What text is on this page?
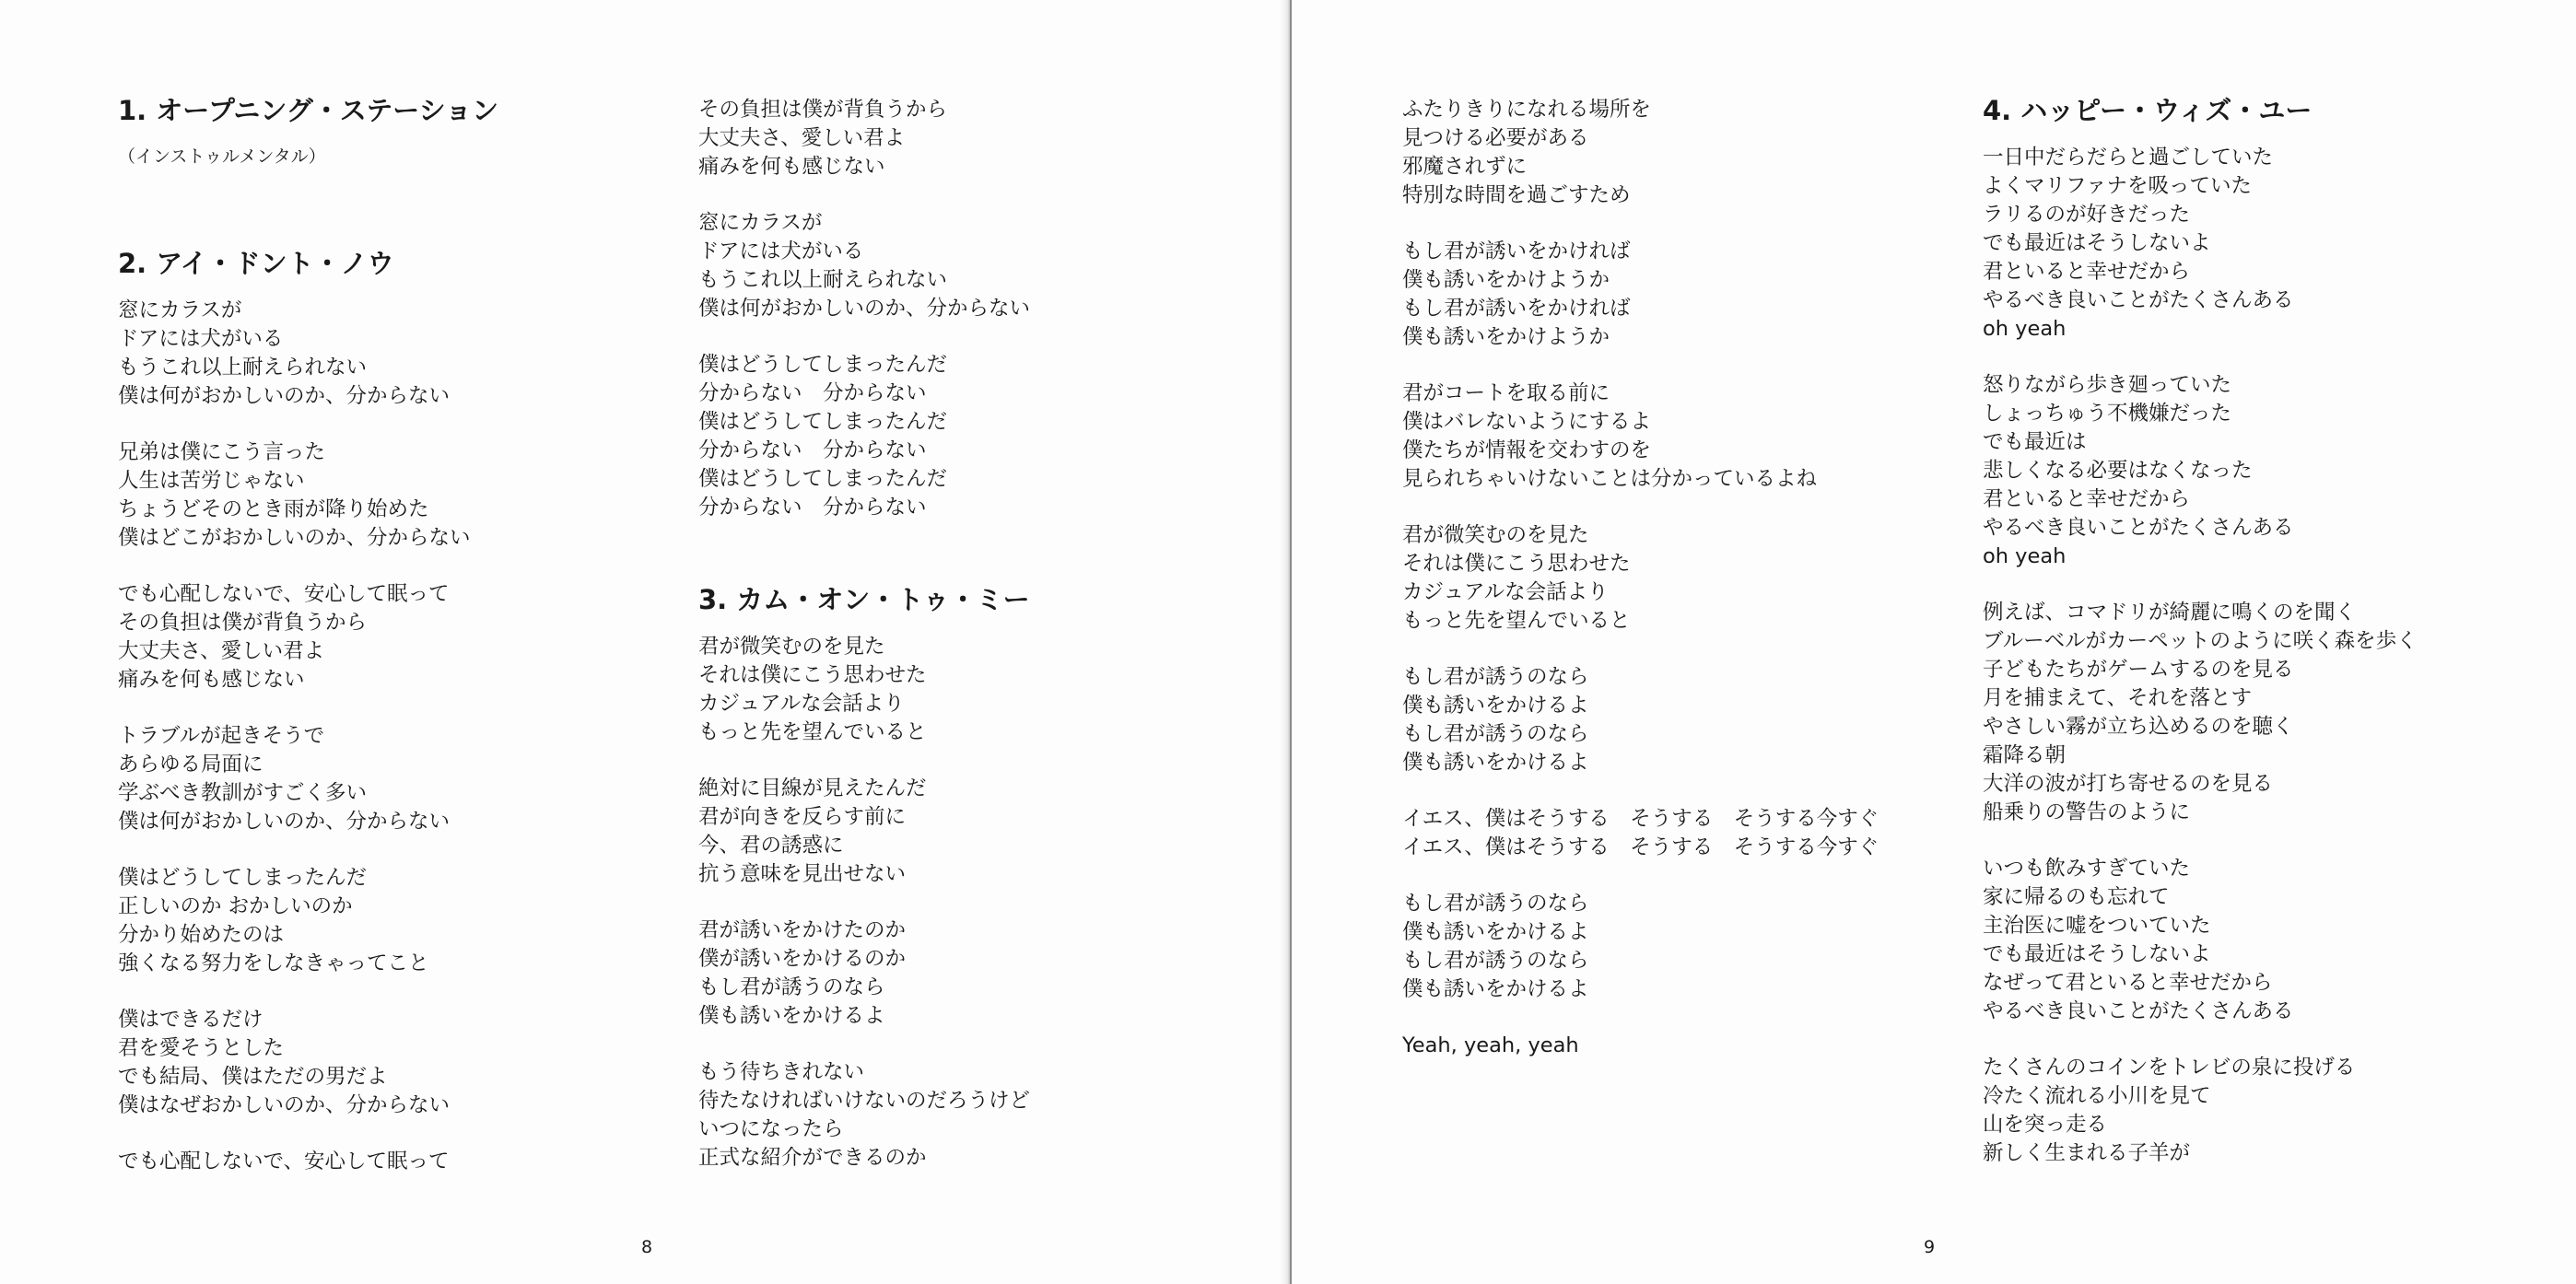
1. オープニング・ステーション
（インストゥルメンタル）
2. アイ・ドント・ノウ
窓にカラスが
ドアには犬がいる
もうこれ以上耐えられない
僕は何がおかしいのか、分からない
兄弟は僕にこう言った
人生は苦労じゃない
ちょうどそのとき雨が降り始めた
僕はどこがおかしいのか、分からない
でも心配しないで、安心して眠って
その負担は僕が背負うから
大丈夫さ、愛しい君よ
痛みを何も感じない
トラブルが起きそうで
あらゆる局面に
学ぶべき教訓がすごく多い
僕は何がおかしいのか、分からない
僕はどうしてしまったんだ
正しいのか おかしいのか
分かり始めたのは
強くなる努力をしなきゃってこと
僕はできるだけ
君を愛そうとした
でも結局、僕はただの男だよ
僕はなぜおかしいのか、分からない
でも心配しないで、安心して眠って
その負担は僕が背負うから
大丈夫さ、愛しい君よ
痛みを何も感じない
窓にカラスが
ドアには犬がいる
もうこれ以上耐えられない
僕は何がおかしいのか、分からない
僕はどうしてしまったんだ
分からない　分からない
僕はどうしてしまったんだ
分からない　分からない
僕はどうしてしまったんだ
分からない　分からない
3. カム・オン・トゥ・ミー
君が微笑むのを見た
それは僕にこう思わせた
カジュアルな会話より
もっと先を望んでいると
絶対に目線が見えたんだ
君が向きを反らす前に
今、君の誘惑に
抗う意味を見出せない
君が誘いをかけたのか
僕が誘いをかけるのか
もし君が誘うのなら
僕も誘いをかけるよ
もう待ちきれない
待たなければいけないのだろうけど
いつになったら
正式な紹介ができるのか
8
ふたりきりになれる場所を
見つける必要がある
邪魔されずに
特別な時間を過ごすため
もし君が誘いをかければ
僕も誘いをかけようか
もし君が誘いをかければ
僕も誘いをかけようか
君がコートを取る前に
僕はバレないようにするよ
僕たちが情報を交わすのを
見られちゃいけないことは分かっているよね
君が微笑むのを見た
それは僕にこう思わせた
カジュアルな会話より
もっと先を望んでいると
もし君が誘うのなら
僕も誘いをかけるよ
もし君が誘うのなら
僕も誘いをかけるよ
イエス、僕はそうする　そうする　そうする今すぐ
イエス、僕はそうする　そうする　そうする今すぐ
もし君が誘うのなら
僕も誘いをかけるよ
もし君が誘うのなら
僕も誘いをかけるよ
Yeah, yeah, yeah
4. ハッピー・ウィズ・ユー
一日中だらだらと過ごしていた
よくマリファナを吸っていた
ラリるのが好きだった
でも最近はそうしないよ
君といると幸せだから
やるべき良いことがたくさんある
oh yeah
怒りながら歩き廻っていた
しょっちゅう不機嫌だった
でも最近は
悲しくなる必要はなくなった
君といると幸せだから
やるべき良いことがたくさんある
oh yeah
例えば、コマドリが綺麗に鳴くのを聞く
ブルーベルがカーペットのように咲く森を歩く
子どもたちがゲームするのを見る
月を捕まえて、それを落とす
やさしい霧が立ち込めるのを聴く
霜降る朝
大洋の波が打ち寄せるのを見る
船乗りの警告のように
いつも飲みすぎていた
家に帰るのも忘れて
主治医に嘘をついていた
でも最近はそうしないよ
なぜって君といると幸せだから
やるべき良いことがたくさんある
たくさんのコインをトレビの泉に投げる
冷たく流れる小川を見て
山を突っ走る
新しく生まれる子羊が
9
